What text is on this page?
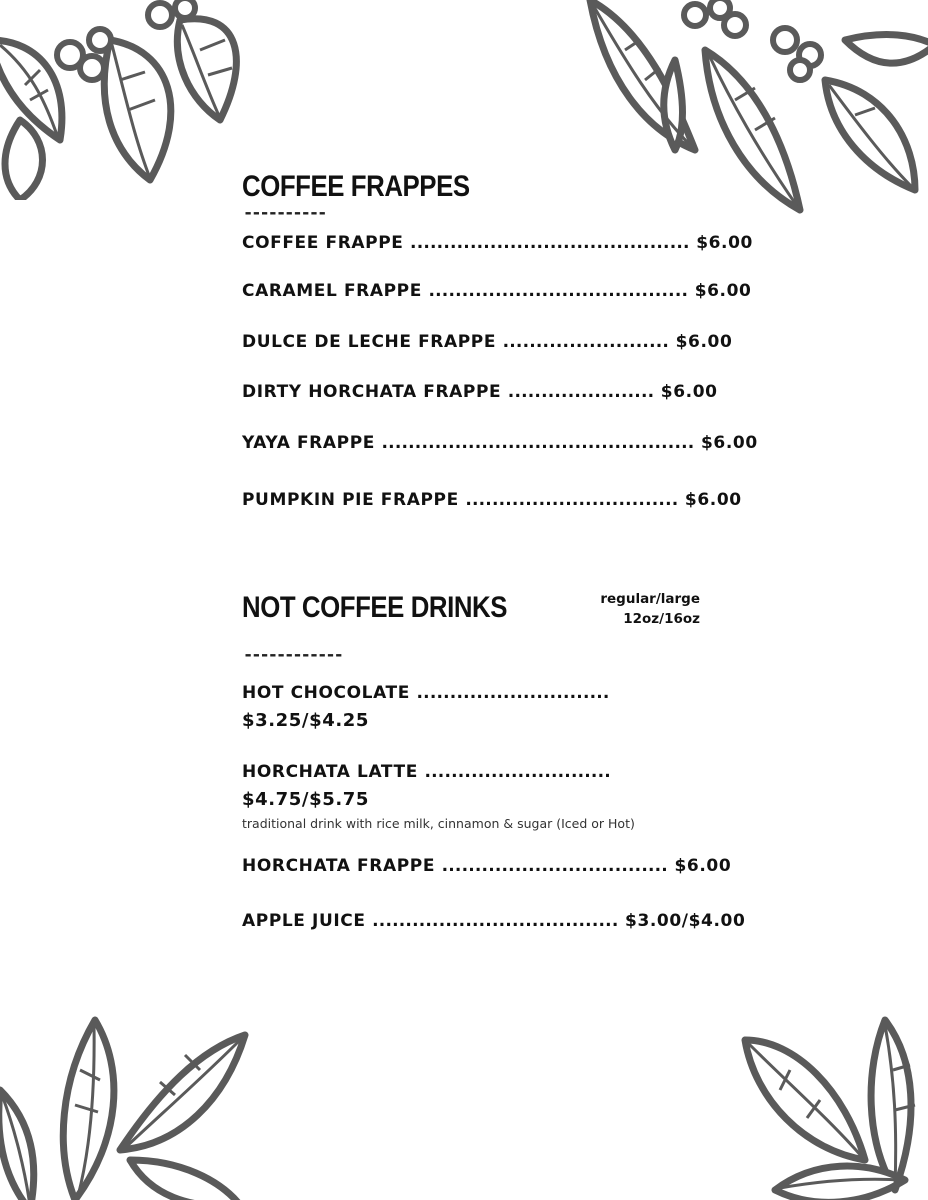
COFFEE FRAPPES
----------
COFFEE FRAPPE .......................................... $6.00
CARAMEL FRAPPE ....................................... $6.00
DULCE DE LECHE FRAPPE ......................... $6.00
DIRTY HORCHATA FRAPPE ...................... $6.00
YAYA FRAPPE ............................................... $6.00
PUMPKIN PIE FRAPPE ................................ $6.00
NOT COFFEE DRINKS	regular/large
12oz/16oz
------------
HOT CHOCOLATE .............................
$3.25/$4.25
HORCHATA LATTE ............................
$4.75/$5.75
traditional drink with rice milk, cinnamon & sugar (Iced or Hot)
HORCHATA FRAPPE .................................. $6.00
APPLE JUICE ..................................... $3.00/$4.00
